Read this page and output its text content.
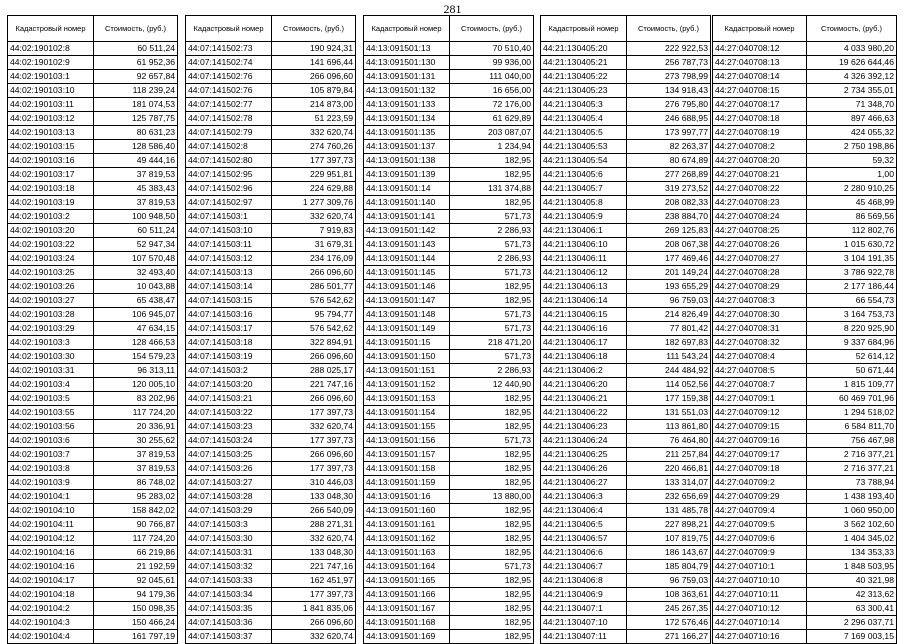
281
Кадастровый номер	Стоимость, (руб.)
44:02:190102:8	60 511,24
44:02:190102:9	61 952,36
44:02:190103:1	92 657,84
44:02:190103:10	118 239,24
44:02:190103:11	181 074,53
44:02:190103:12	125 787,75
44:02:190103:13	80 631,23
44:02:190103:15	128 586,40
44:02:190103:16	49 444,16
44:02:190103:17	37 819,53
44:02:190103:18	45 383,43
44:02:190103:19	37 819,53
44:02:190103:2	100 948,50
44:02:190103:20	60 511,24
44:02:190103:22	52 947,34
44:02:190103:24	107 570,48
44:02:190103:25	32 493,40
44:02:190103:26	10 043,88
44:02:190103:27	65 438,47
44:02:190103:28	106 945,07
44:02:190103:29	47 634,15
44:02:190103:3	128 466,53
44:02:190103:30	154 579,23
44:02:190103:31	96 313,11
44:02:190103:4	120 005,10
44:02:190103:5	83 202,96
44:02:190103:55	117 724,20
44:02:190103:56	20 336,91
44:02:190103:6	30 255,62
44:02:190103:7	37 819,53
44:02:190103:8	37 819,53
44:02:190103:9	86 748,02
44:02:190104:1	95 283,02
44:02:190104:10	158 842,02
44:02:190104:11	90 766,87
44:02:190104:12	117 724,20
44:02:190104:16	66 219,86
44:02:190104:16	21 192,59
44:02:190104:17	92 045,61
44:02:190104:18	94 179,36
44:02:190104:2	150 098,35
44:02:190104:3	150 466,24
44:02:190104:4	161 797,19
Кадастровый номер	Стоимость, (руб.)
44:07:141502:73	190 924,31
44:07:141502:74	141 696,44
44:07:141502:76	266 096,60
44:07:141502:76	105 879,84
44:07:141502:77	214 873,00
44:07:141502:78	51 223,59
44:07:141502:79	332 620,74
44:07:141502:8	274 760,26
44:07:141502:80	177 397,73
44:07:141502:95	229 951,81
44:07:141502:96	224 629,88
44:07:141502:97	1 277 309,76
44:07:141503:1	332 620,74
44:07:141503:10	7 919,83
44:07:141503:11	31 679,31
44:07:141503:12	234 176,09
44:07:141503:13	266 096,60
44:07:141503:14	286 501,77
44:07:141503:15	576 542,62
44:07:141503:16	95 794,77
44:07:141503:17	576 542,62
44:07:141503:18	322 894,91
44:07:141503:19	266 096,60
44:07:141503:2	288 025,17
44:07:141503:20	221 747,16
44:07:141503:21	266 096,60
44:07:141503:22	177 397,73
44:07:141503:23	332 620,74
44:07:141503:24	177 397,73
44:07:141503:25	266 096,60
44:07:141503:26	177 397,73
44:07:141503:27	310 446,03
44:07:141503:28	133 048,30
44:07:141503:29	266 540,09
44:07:141503:3	288 271,31
44:07:141503:30	332 620,74
44:07:141503:31	133 048,30
44:07:141503:32	221 747,16
44:07:141503:33	162 451,97
44:07:141503:34	177 397,73
44:07:141503:35	1 841 835,06
44:07:141503:36	266 096,60
44:07:141503:37	332 620,74
Кадастровый номер	Стоимость, (руб.)
44:13:091501:13	70 510,40
44:13:091501:130	99 936,00
44:13:091501:131	111 040,00
44:13:091501:132	16 656,00
44:13:091501:133	72 176,00
44:13:091501:134	61 629,89
44:13:091501:135	203 087,07
44:13:091501:137	1 234,94
44:13:091501:138	182,95
44:13:091501:139	182,95
44:13:091501:14	131 374,88
44:13:091501:140	182,95
44:13:091501:141	571,73
44:13:091501:142	2 286,93
44:13:091501:143	571,73
44:13:091501:144	2 286,93
44:13:091501:145	571,73
44:13:091501:146	182,95
44:13:091501:147	182,95
44:13:091501:148	571,73
44:13:091501:149	571,73
44:13:091501:15	218 471,20
44:13:091501:150	571,73
44:13:091501:151	2 286,93
44:13:091501:152	12 440,90
44:13:091501:153	182,95
44:13:091501:154	182,95
44:13:091501:155	182,95
44:13:091501:156	571,73
44:13:091501:157	182,95
44:13:091501:158	182,95
44:13:091501:159	182,95
44:13:091501:16	13 880,00
44:13:091501:160	182,95
44:13:091501:161	182,95
44:13:091501:162	182,95
44:13:091501:163	182,95
44:13:091501:164	571,73
44:13:091501:165	182,95
44:13:091501:166	182,95
44:13:091501:167	182,95
44:13:091501:168	182,95
44:13:091501:169	182,95
Кадастровый номер	Стоимость, (руб.)
44:21:130405:20	222 922,53
44:21:130405:21	256 787,73
44:21:130405:22	273 798,99
44:21:130405:23	134 918,43
44:21:130405:3	276 795,80
44:21:130405:4	246 688,95
44:21:130405:5	173 997,77
44:21:130405:53	82 263,37
44:21:130405:54	80 674,89
44:21:130405:6	277 268,89
44:21:130405:7	319 273,52
44:21:130405:8	208 082,33
44:21:130405:9	238 884,70
44:21:130406:1	269 125,83
44:21:130406:10	208 067,38
44:21:130406:11	177 469,46
44:21:130406:12	201 149,24
44:21:130406:13	193 655,29
44:21:130406:14	96 759,03
44:21:130406:15	214 826,49
44:21:130406:16	77 801,42
44:21:130406:17	182 697,83
44:21:130406:18	111 543,24
44:21:130406:2	244 484,92
44:21:130406:20	114 052,56
44:21:130406:21	177 159,38
44:21:130406:22	131 551,03
44:21:130406:23	113 861,80
44:21:130406:24	76 464,80
44:21:130406:25	211 257,84
44:21:130406:26	220 466,81
44:21:130406:27	133 314,07
44:21:130406:3	232 656,69
44:21:130406:4	131 485,78
44:21:130406:5	227 898,21
44:21:130406:57	107 819,75
44:21:130406:6	186 143,67
44:21:130406:7	185 804,79
44:21:130406:8	96 759,03
44:21:130406:9	108 363,61
44:21:130407:1	245 267,35
44:21:130407:10	172 576,46
44:21:130407:11	271 166,27
Кадастровый номер	Стоимость, (руб.)
44:27:040708:12	4 033 980,20
44:27:040708:13	19 626 644,46
44:27:040708:14	4 326 392,12
44:27:040708:15	2 734 355,01
44:27:040708:17	71 348,70
44:27:040708:18	897 466,63
44:27:040708:19	424 055,32
44:27:040708:2	2 750 198,86
44:27:040708:20	59,32
44:27:040708:21	1,00
44:27:040708:22	2 280 910,25
44:27:040708:23	45 468,99
44:27:040708:24	86 569,56
44:27:040708:25	112 802,76
44:27:040708:26	1 015 630,72
44:27:040708:27	3 104 191,35
44:27:040708:28	3 786 922,78
44:27:040708:29	2 177 186,44
44:27:040708:3	66 554,73
44:27:040708:30	3 164 753,73
44:27:040708:31	8 220 925,90
44:27:040708:32	9 337 684,96
44:27:040708:4	52 614,12
44:27:040708:5	50 671,44
44:27:040708:7	1 815 109,77
44:27:040709:1	60 469 701,96
44:27:040709:12	1 294 518,02
44:27:040709:15	6 584 811,70
44:27:040709:16	756 467,98
44:27:040709:17	2 716 377,21
44:27:040709:18	2 716 377,21
44:27:040709:2	73 788,94
44:27:040709:29	1 438 193,40
44:27:040709:4	1 060 950,00
44:27:040709:5	3 562 102,60
44:27:040709:6	1 404 345,02
44:27:040709:9	134 353,33
44:27:040710:1	1 848 503,95
44:27:040710:10	40 321,98
44:27:040710:11	42 313,62
44:27:040710:12	63 300,41
44:27:040710:14	2 296 037,71
44:27:040710:16	7 169 003,15
